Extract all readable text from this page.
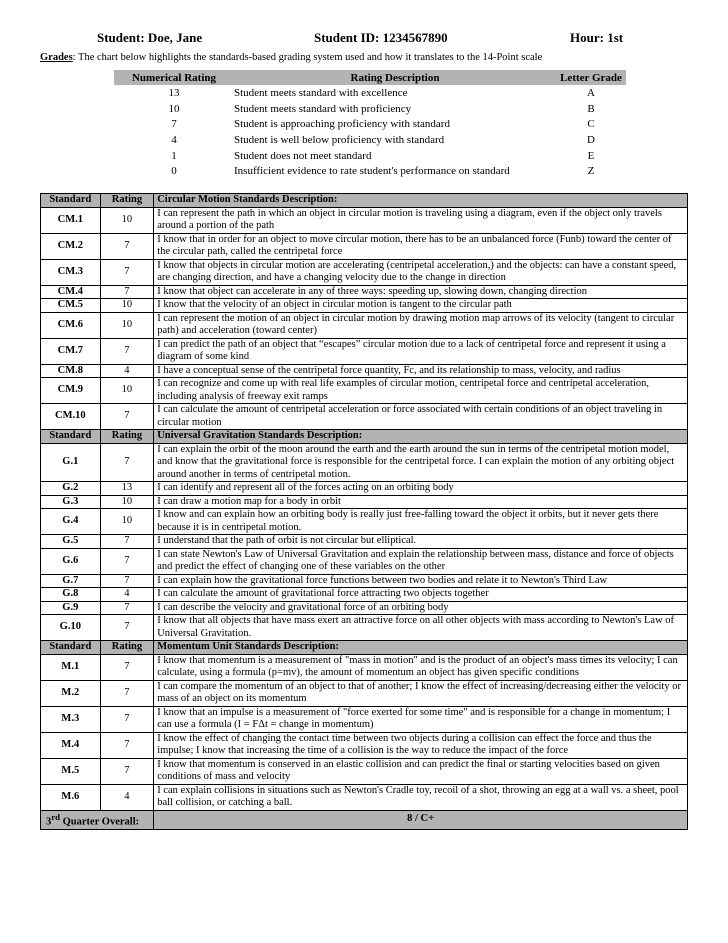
Student: Doe, Jane	Student ID: 1234567890	Hour: 1st
Grades: The chart below highlights the standards-based grading system used and how it translates to the 14-Point scale
Numerical Rating	Rating Description	Letter Grade
13	Student meets standard with excellence	A
10	Student meets standard with proficiency	B
7	Student is approaching proficiency with standard	C
4	Student is well below proficiency with standard	D
1	Student does not meet standard	E
0	Insufficient evidence to rate student's performance on standard	Z
Standard	Rating	Circular Motion Standards Description:
CM.1	10	I can represent the path in which an object in circular motion is traveling using a diagram, even if the object only travels around a portion of the path
CM.2	7	I know that in order for an object to move circular motion, there has to be an unbalanced force (Funb) toward the center of the circular path, called the centripetal force
CM.3	7	I know that objects in circular motion are accelerating (centripetal acceleration,) and the objects: can have a constant speed, are changing direction, and have a changing velocity due to the change in direction
CM.4	7	I know that object can accelerate in any of three ways: speeding up, slowing down, changing direction
CM.5	10	I know that the velocity of an object in circular motion is tangent to the circular path
CM.6	10	I can represent the motion of an object in circular motion by drawing motion map arrows of its velocity (tangent to circular path) and acceleration (toward center)
CM.7	7	I can predict the path of an object that “escapes” circular motion due to a lack of centripetal force and represent it using a diagram of some kind
CM.8	4	I have a conceptual sense of the centripetal force quantity, Fc, and its relationship to mass, velocity, and radius
CM.9	10	I can recognize and come up with real life examples of circular motion, centripetal force and centripetal acceleration, including analysis of freeway exit ramps
CM.10	7	I can calculate the amount of centripetal acceleration or force associated with certain conditions of an object traveling in circular motion
Standard	Rating	Universal Gravitation Standards Description:
G.1	7	I can explain the orbit of the moon around the earth and the earth around the sun in terms of the centripetal motion model, and know that the gravitational force is responsible for the centripetal force. I can explain the motion of any orbiting object around another in terms of centripetal motion.
G.2	13	I can identify and represent all of the forces acting on an orbiting body
G.3	10	I can draw a motion map for a body in orbit
G.4	10	I know and can explain how an orbiting body is really just free-falling toward the object it orbits, but it never gets there because it is in centripetal motion.
G.5	7	I understand that the path of orbit is not circular but elliptical.
G.6	7	I can state Newton's Law of Universal Gravitation and explain the relationship between mass, distance and force of objects and predict the effect of changing one of these variables on the other
G.7	7	I can explain how the gravitational force functions between two bodies and relate it to Newton's Third Law
G.8	4	I can calculate the amount of gravitational force attracting two objects together
G.9	7	I can describe the velocity and gravitational force of an orbiting body
G.10	7	I know that all objects that have mass exert an attractive force on all other objects with mass according to Newton's Law of Universal Gravitation.
Standard	Rating	Momentum Unit Standards Description:
M.1	7	I know that momentum is a measurement of "mass in motion" and is the product of an object's mass times its velocity; I can calculate, using a formula (p=mv), the amount of momentum an object has given specific conditions
M.2	7	I can compare the momentum of an object to that of another; I know the effect of increasing/decreasing either the velocity or mass of an object on its momentum
M.3	7	I know that an impulse is a measurement of "force exerted for some time" and is responsible for a change in momentum; I can use a formula (I = FΔt = change in momentum)
M.4	7	I know the effect of changing the contact time between two objects during a collision can effect the force and thus the impulse; I know that increasing the time of a collision is the way to reduce the impact of the force
M.5	7	I know that momentum is conserved in an elastic collision and can predict the final or starting velocities based on given conditions of mass and velocity
M.6	4	I can explain collisions in situations such as Newton's Cradle toy, recoil of a shot, throwing an egg at a wall vs. a sheet, pool ball collision, or catching a ball.
3rd Quarter Overall:		8 / C+
